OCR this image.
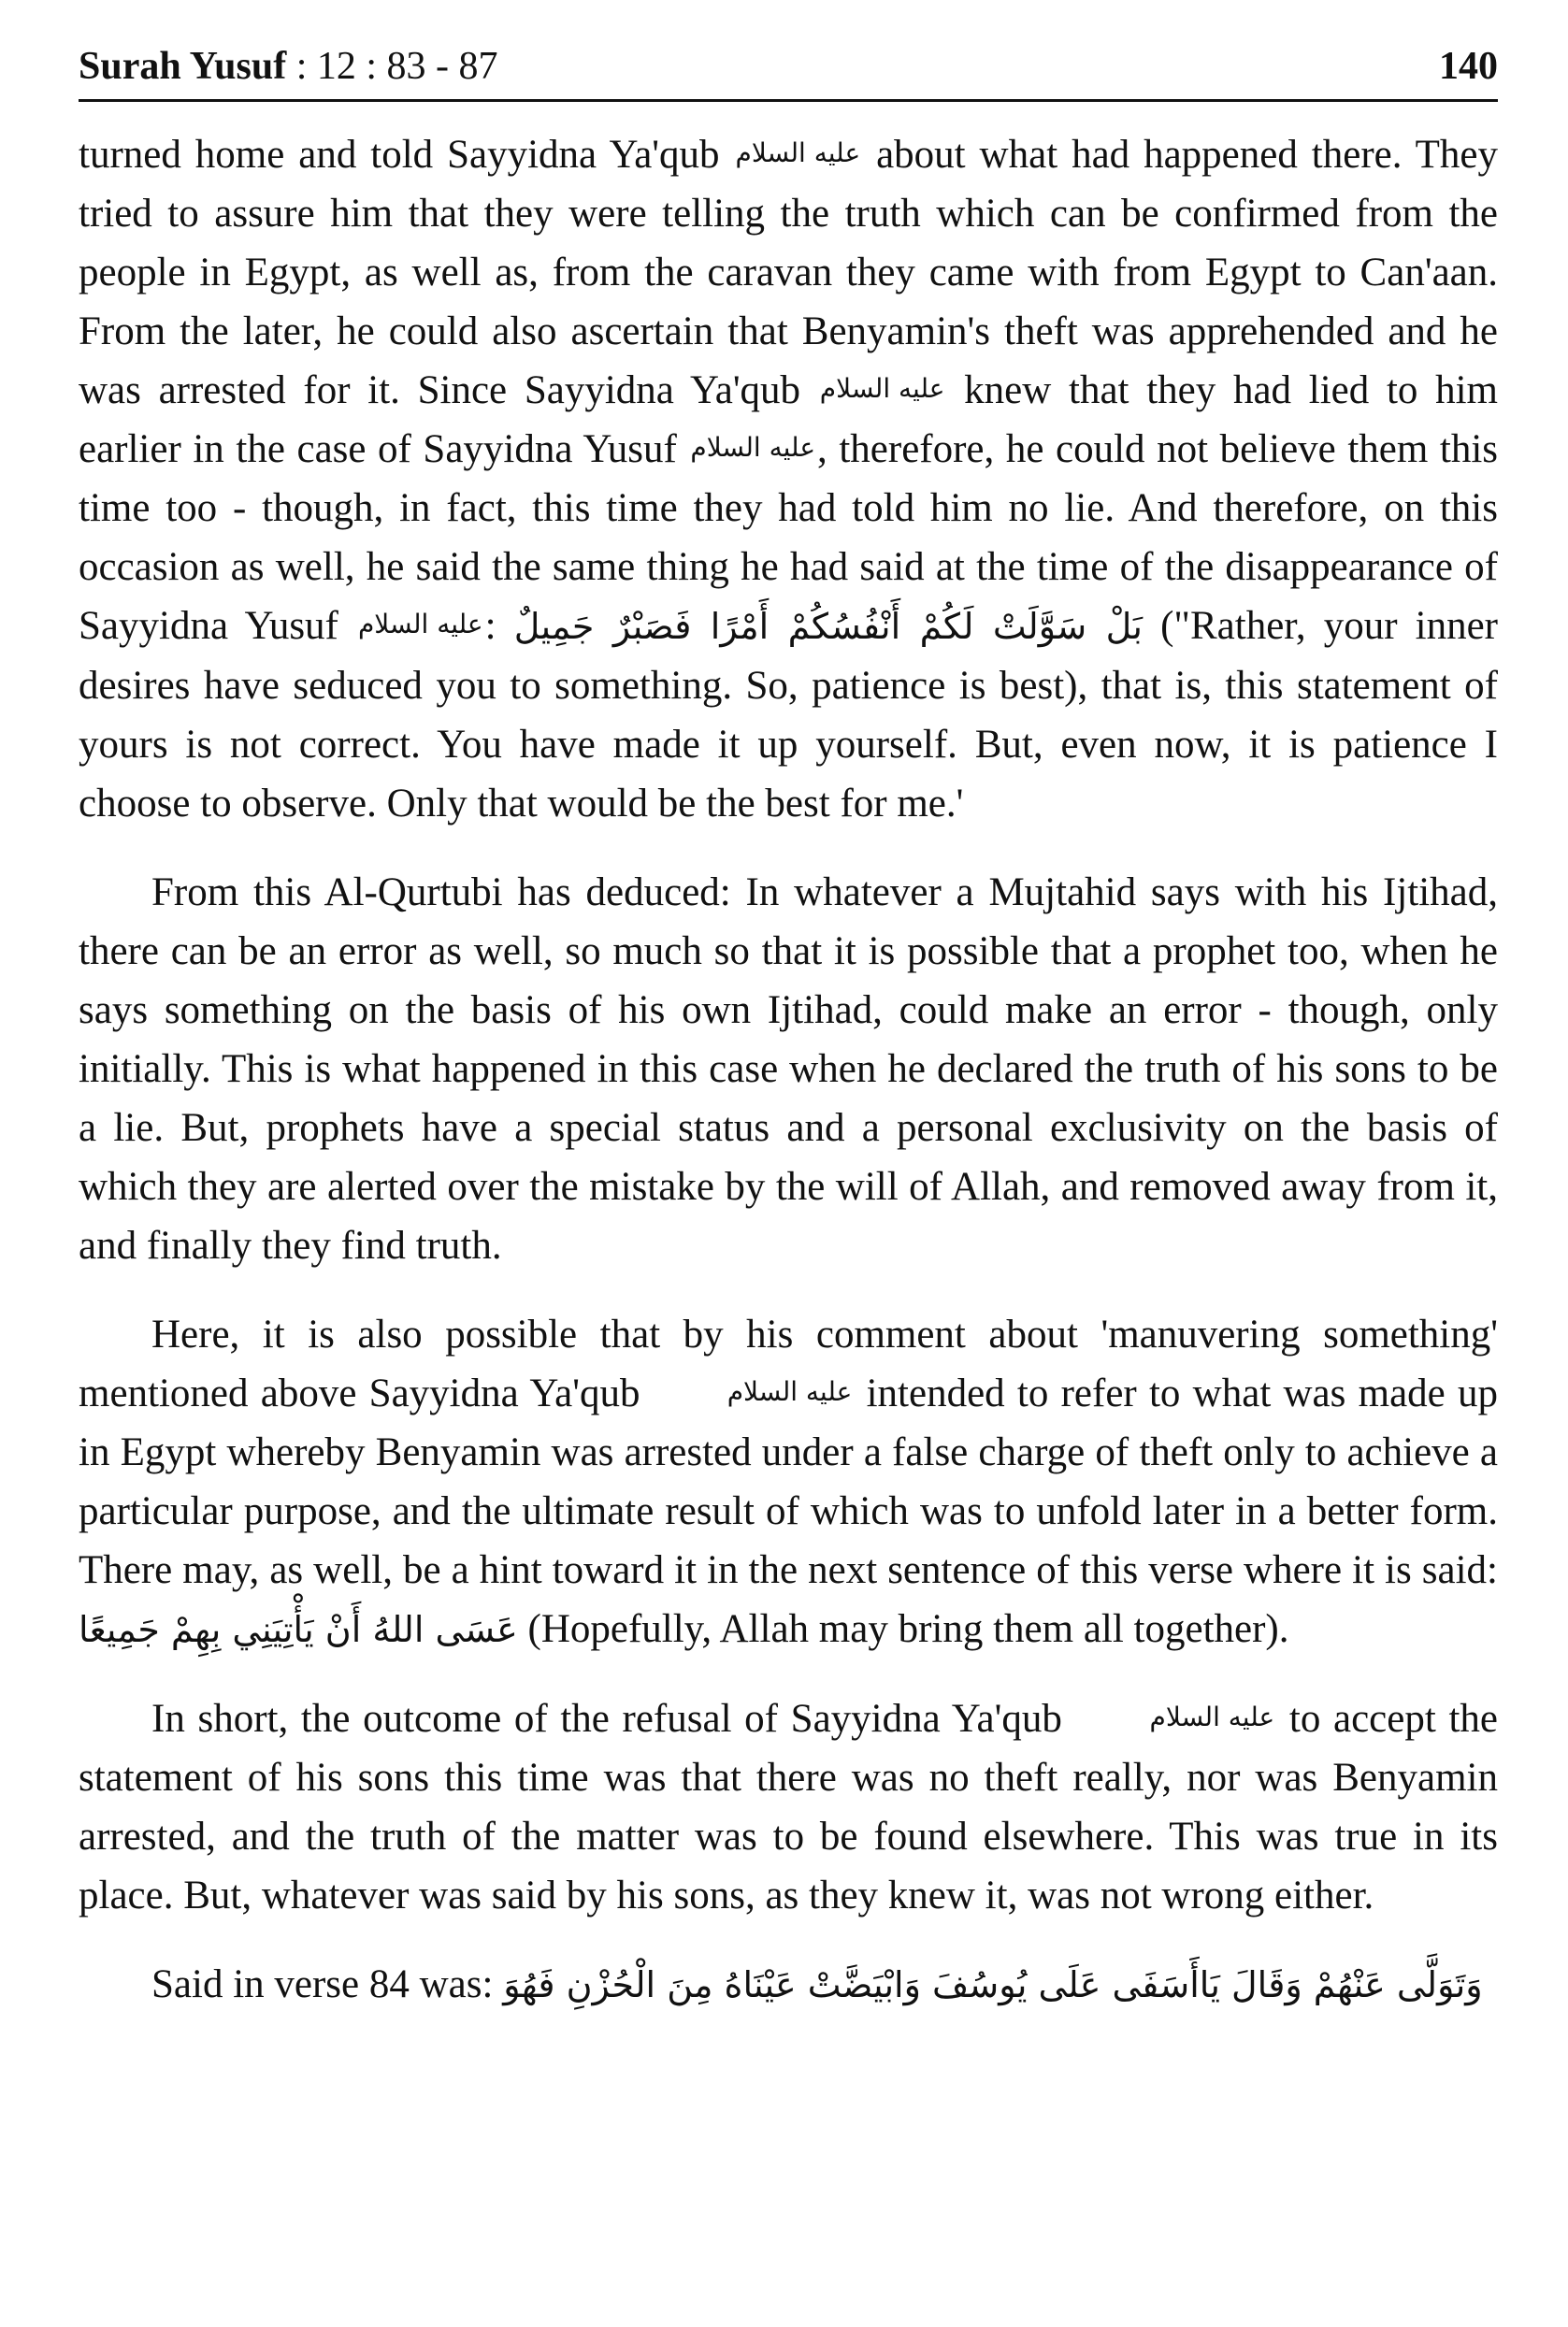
Surah Yusuf : 12 : 83 - 87	140

turned home and told Sayyidna Ya'qub عليه السلام about what had happened there. They tried to assure him that they were telling the truth which can be confirmed from the people in Egypt, as well as, from the caravan they came with from Egypt to Can'aan. From the later, he could also ascertain that Benyamin's theft was apprehended and he was arrested for it. Since Sayyidna Ya'qub عليه السلام knew that they had lied to him earlier in the case of Sayyidna Yusuf عليه السلام, therefore, he could not believe them this time too - though, in fact, this time they had told him no lie. And therefore, on this occasion as well, he said the same thing he had said at the time of the disappearance of Sayyidna Yusuf عليه السلام: بَلْ سَوَّلَتْ لَكُمْ أَنْفُسُكُمْ أَمْرًا فَصَبْرٌ جَمِيلٌ ("Rather, your inner desires have seduced you to something. So, patience is best), that is, this statement of yours is not correct. You have made it up yourself. But, even now, it is patience I choose to observe. Only that would be the best for me.'

From this Al-Qurtubi has deduced: In whatever a Mujtahid says with his Ijtihad, there can be an error as well, so much so that it is possible that a prophet too, when he says something on the basis of his own Ijtihad, could make an error - though, only initially. This is what happened in this case when he declared the truth of his sons to be a lie. But, prophets have a special status and a personal exclusivity on the basis of which they are alerted over the mistake by the will of Allah, and removed away from it, and finally they find truth.

Here, it is also possible that by his comment about 'manuvering something' mentioned above Sayyidna Ya'qub	عليه السلام intended to refer to what was made up in Egypt whereby Benyamin was arrested under a false charge of theft only to achieve a particular purpose, and the ultimate result of which was to unfold later in a better form. There may, as well, be a hint toward it in the next sentence of this verse where it is said: عَسَى اللهُ أَنْ يَأْتِيَنِي بِهِمْ جَمِيعًا (Hopefully, Allah may bring them all together).

In short, the outcome of the refusal of Sayyidna Ya'qub	عليه السلام to accept the statement of his sons this time was that there was no theft really, nor was Benyamin arrested, and the truth of the matter was to be found elsewhere. This was true in its place. But, whatever was said by his sons, as they knew it, was not wrong either.

Said in verse 84 was: وَتَوَلَّى عَنْهُمْ وَقَالَ يَاأَسَفَى عَلَى يُوسُفَ وَابْيَضَّتْ عَيْنَاهُ مِنَ الْحُزْنِ فَهُوَ
